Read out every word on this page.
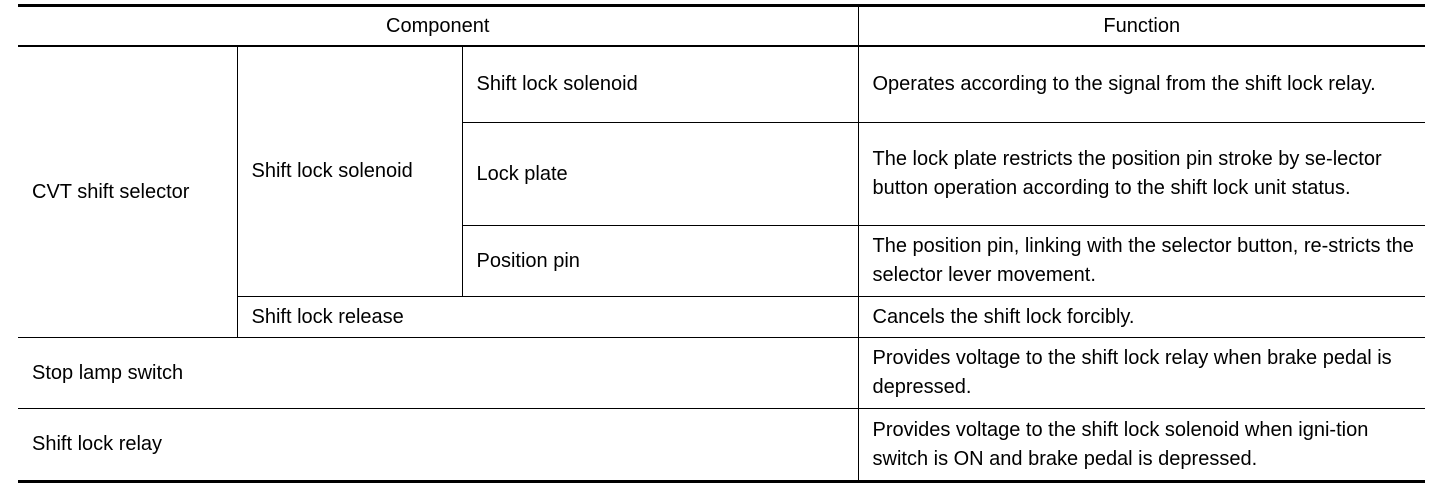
Component			Function
CVT shift selector	Shift lock solenoid	Shift lock solenoid	Operates according to the signal from the shift lock relay.
		Lock plate	The lock plate restricts the position pin stroke by se-lector button operation according to the shift lock unit status.
		Position pin	The position pin, linking with the selector button, re-stricts the selector lever movement.
	Shift lock release		Cancels the shift lock forcibly.
Stop lamp switch			Provides voltage to the shift lock relay when brake pedal is depressed.
Shift lock relay			Provides voltage to the shift lock solenoid when igni-tion switch is ON and brake pedal is depressed.
